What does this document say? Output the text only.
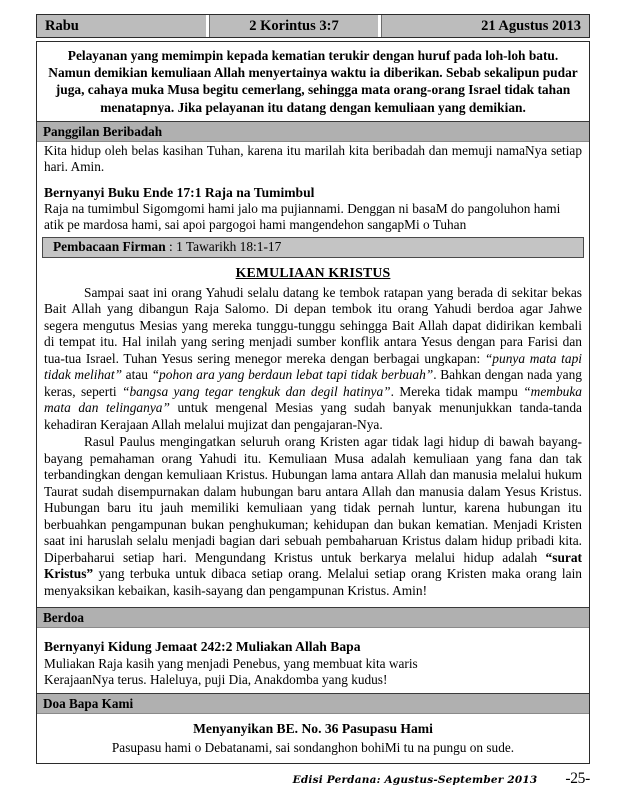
Rabu	2 Korintus 3:7	21 Agustus 2013
Pelayanan yang memimpin kepada kematian terukir dengan huruf pada loh-loh batu. Namun demikian kemuliaan Allah menyertainya waktu ia diberikan. Sebab sekalipun pudar juga, cahaya muka Musa begitu cemerlang, sehingga mata orang-orang Israel tidak tahan menatapnya. Jika pelayanan itu datang dengan kemuliaan yang demikian.
Panggilan Beribadah
Kita hidup oleh belas kasihan Tuhan, karena itu marilah kita beribadah dan memuji namaNya setiap hari. Amin.
Bernyanyi Buku Ende 17:1 Raja na Tumimbul
Raja na tumimbul Sigomgomi hami jalo ma pujiannami. Denggan ni basaM do pangoluhon hami
atik pe mardosa hami, sai apoi pargogoi hami mangendehon sangapMi o Tuhan
Pembacaan Firman : 1 Tawarikh 18:1-17
KEMULIAAN KRISTUS

Sampai saat ini orang Yahudi selalu datang ke tembok ratapan yang berada di sekitar bekas Bait Allah yang dibangun Raja Salomo. Di depan tembok itu orang Yahudi berdoa agar Jahwe segera mengutus Mesias yang mereka tunggu-tunggu sehingga Bait Allah dapat didirikan kembali di tempat itu. Hal inilah yang sering menjadi sumber konflik antara Yesus dengan para Farisi dan tua-tua Israel. Tuhan Yesus sering menegor mereka dengan berbagai ungkapan: “punya mata tapi tidak melihat” atau “pohon ara yang berdaun lebat tapi tidak berbuah”. Bahkan dengan nada yang keras, seperti “bangsa yang tegar tengkuk dan degil hatinya”. Mereka tidak mampu “membuka mata dan telinganya” untuk mengenal Mesias yang sudah banyak menunjukkan tanda-tanda kehadiran Kerajaan Allah melalui mujizat dan pengajaran-Nya.

Rasul Paulus mengingatkan seluruh orang Kristen agar tidak lagi hidup di bawah bayang-bayang pemahaman orang Yahudi itu. Kemuliaan Musa adalah kemuliaan yang fana dan tak terbandingkan dengan kemuliaan Kristus. Hubungan lama antara Allah dan manusia melalui hukum Taurat sudah disempurnakan dalam hubungan baru antara Allah dan manusia dalam Yesus Kristus. Hubungan baru itu jauh memiliki kemuliaan yang tidak pernah luntur, karena hubungan itu berbuahkan pengampunan bukan penghukuman; kehidupan dan bukan kematian. Menjadi Kristen saat ini haruslah selalu menjadi bagian dari sebuah pembaharuan Kristus dalam hidup pribadi kita. Diperbaharui setiap hari. Mengundang Kristus untuk berkarya melalui hidup adalah “surat Kristus” yang terbuka untuk dibaca setiap orang. Melalui setiap orang Kristen maka orang lain menyaksikan kebaikan, kasih-sayang dan pengampunan Kristus. Amin!

Berdoa
Bernyanyi Kidung Jemaat 242:2 Muliakan Allah Bapa
Muliakan Raja kasih yang menjadi Penebus, yang membuat kita waris
KerajaanNya terus. Haleluya, puji Dia, Anakdomba yang kudus!
Doa Bapa Kami
Menyanyikan BE. No. 36 Pasupasu Hami
Pasupasu hami o Debatanami, sai sondanghon bohiMi tu na pungu on sude.
Edisi Perdana: Agustus-September 2013 -25-
